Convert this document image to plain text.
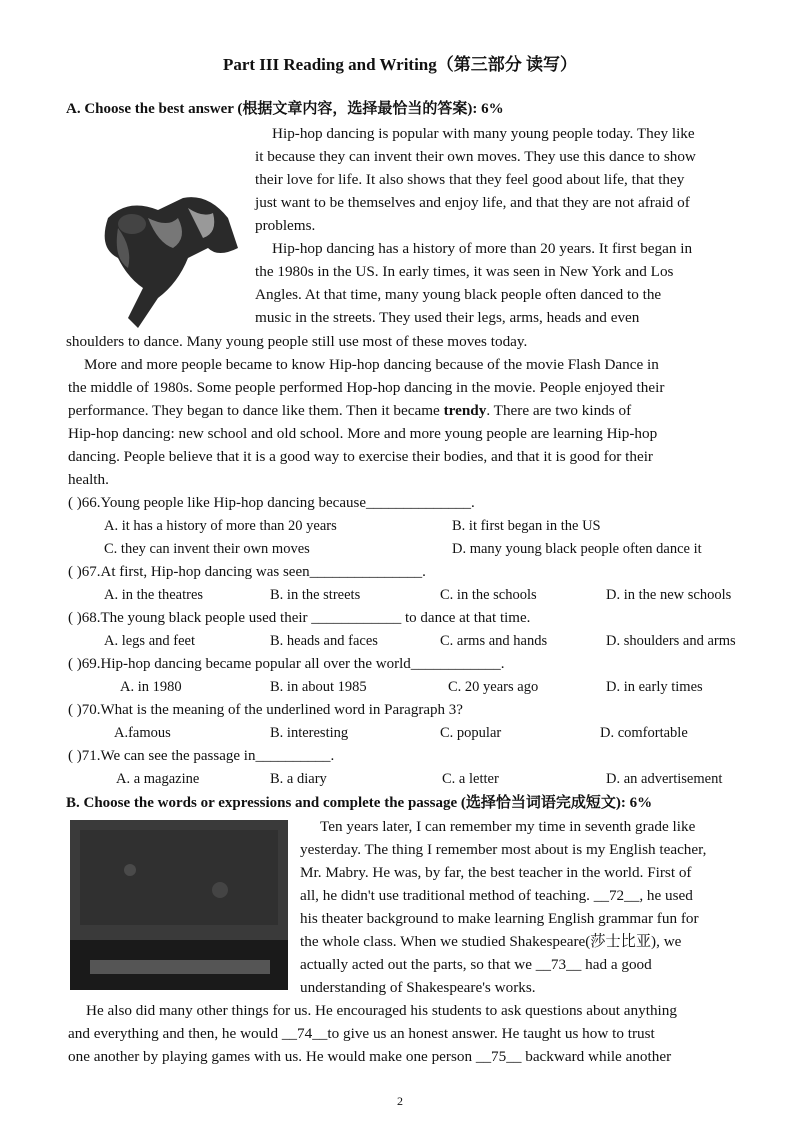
Part III Reading and Writing（第三部分 读写）
A. Choose the best answer (根据文章内容，选择最恰当的答案): 6%
Hip-hop dancing is popular with many young people today. They like
it because they can invent their own moves. They use this dance to show
their love for life. It also shows that they feel good about life, that they
just want to be themselves and enjoy life, and that they are not afraid of
problems.
Hip-hop dancing has a history of more than 20 years. It first began in
the 1980s in the US. In early times, it was seen in New York and Los
Angles. At that time, many young black people often danced to the
music in the streets. They used their legs, arms, heads and even
shoulders to dance. Many young people still use most of these moves today.
More and more people became to know Hip-hop dancing because of the movie Flash Dance in
the middle of 1980s. Some people performed Hop-hop dancing in the movie. People enjoyed their
performance. They began to dance like them. Then it became trendy. There are two kinds of
Hip-hop dancing: new school and old school. More and more young people are learning Hip-hop
dancing. People believe that it is a good way to exercise their bodies, and that it is good for their
health.
( )66.Young people like Hip-hop dancing because______________.
A. it has a history of more than 20 years	B. it first began in the US
C. they can invent their own moves	D. many young black people often dance it
( )67.At first, Hip-hop dancing was seen_______________.
A. in the theatres	B. in the streets	C. in the schools	D. in the new schools
( )68.The young black people used their ____________ to dance at that time.
A. legs and feet	B. heads and faces	C. arms and hands	D. shoulders and arms
( )69.Hip-hop dancing became popular all over the world____________.
A. in 1980	B. in about 1985	C. 20 years ago	D. in early times
( )70.What is the meaning of the underlined word in Paragraph 3?
A.famous	B. interesting	C. popular	D. comfortable
( )71.We can see the passage in__________.
A. a magazine	B. a diary	C. a letter	D. an advertisement
B. Choose the words or expressions and complete the passage (选择恰当词语完成短文): 6%
Ten years later, I can remember my time in seventh grade like
yesterday. The thing I remember most about is my English teacher,
Mr. Mabry. He was, by far, the best teacher in the world. First of
all, he didn't use traditional method of teaching. __72__, he used
his theater background to make learning English grammar fun for
the whole class. When we studied Shakespeare(莎士比亚), we
actually acted out the parts, so that we __73__ had a good
understanding of Shakespeare's works.
He also did many other things for us. He encouraged his students to ask questions about anything
and everything and then, he would __74__to give us an honest answer. He taught us how to trust
one another by playing games with us. He would make one person __75__ backward while another
2
